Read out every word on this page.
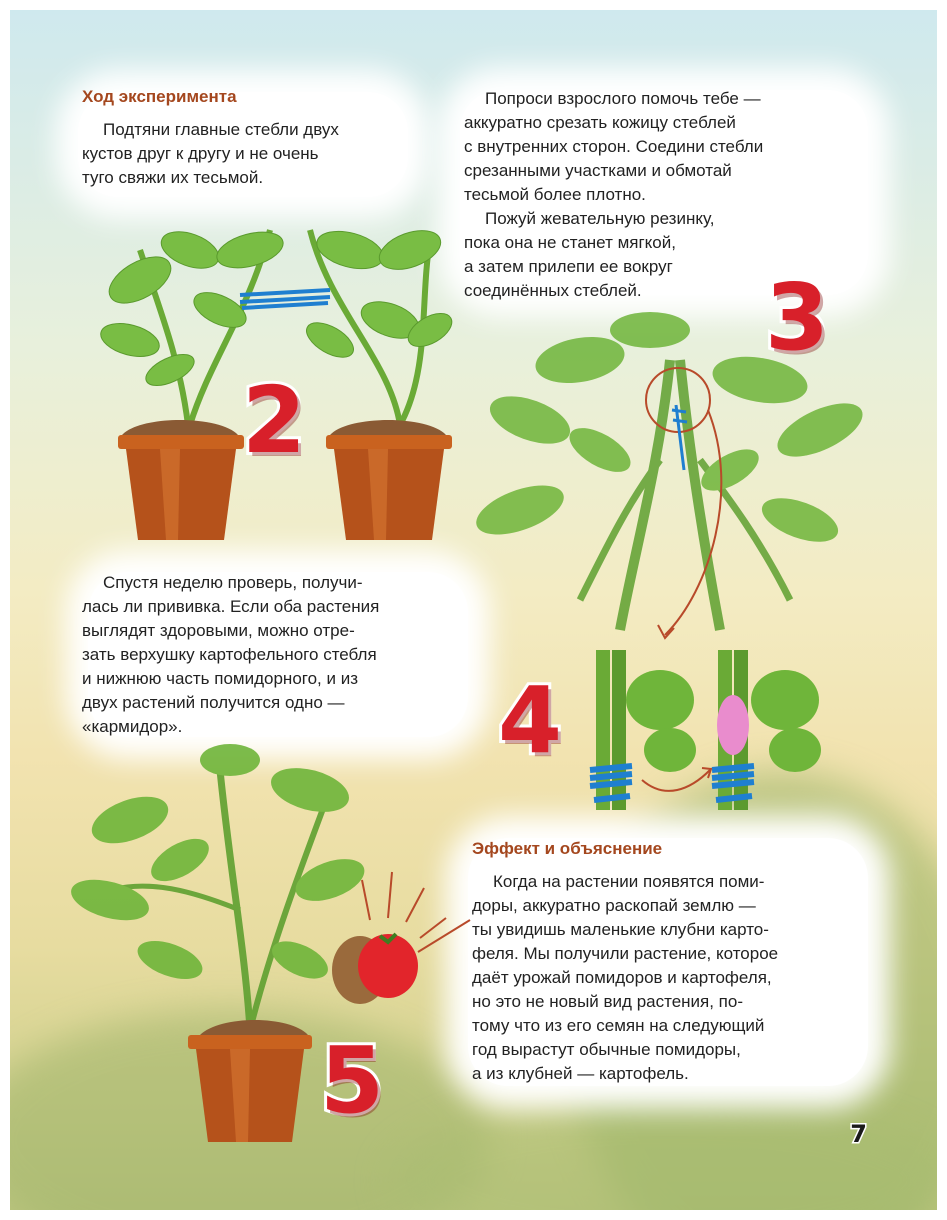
2
3
4
5
Ход эксперимента

Подтяни главные стебли двух
кустов друг к другу и не очень
туго свяжи их тесьмой.

Попроси взрослого помочь тебе —
аккуратно срезать кожицу стеблей
с внутренних сторон. Соедини стебли
срезанными участками и обмотай
тесьмой более плотно.

Пожуй жевательную резинку,
пока она не станет мягкой,
а затем прилепи ее вокруг
соединённых стеблей.

Спустя неделю проверь, получи-
лась ли прививка. Если оба растения
выглядят здоровыми, можно отре-
зать верхушку картофельного стебля
и нижнюю часть помидорного, и из
двух растений получится одно —
«кармидор».

Эффект и объяснение

Когда на растении появятся поми-
доры, аккуратно раскопай землю —
ты увидишь маленькие клубни карто-
феля. Мы получили растение, которое
даёт урожай помидоров и картофеля,
но это не новый вид растения, по-
тому что из его семян на следующий
год вырастут обычные помидоры,
а из клубней — картофель.

7
